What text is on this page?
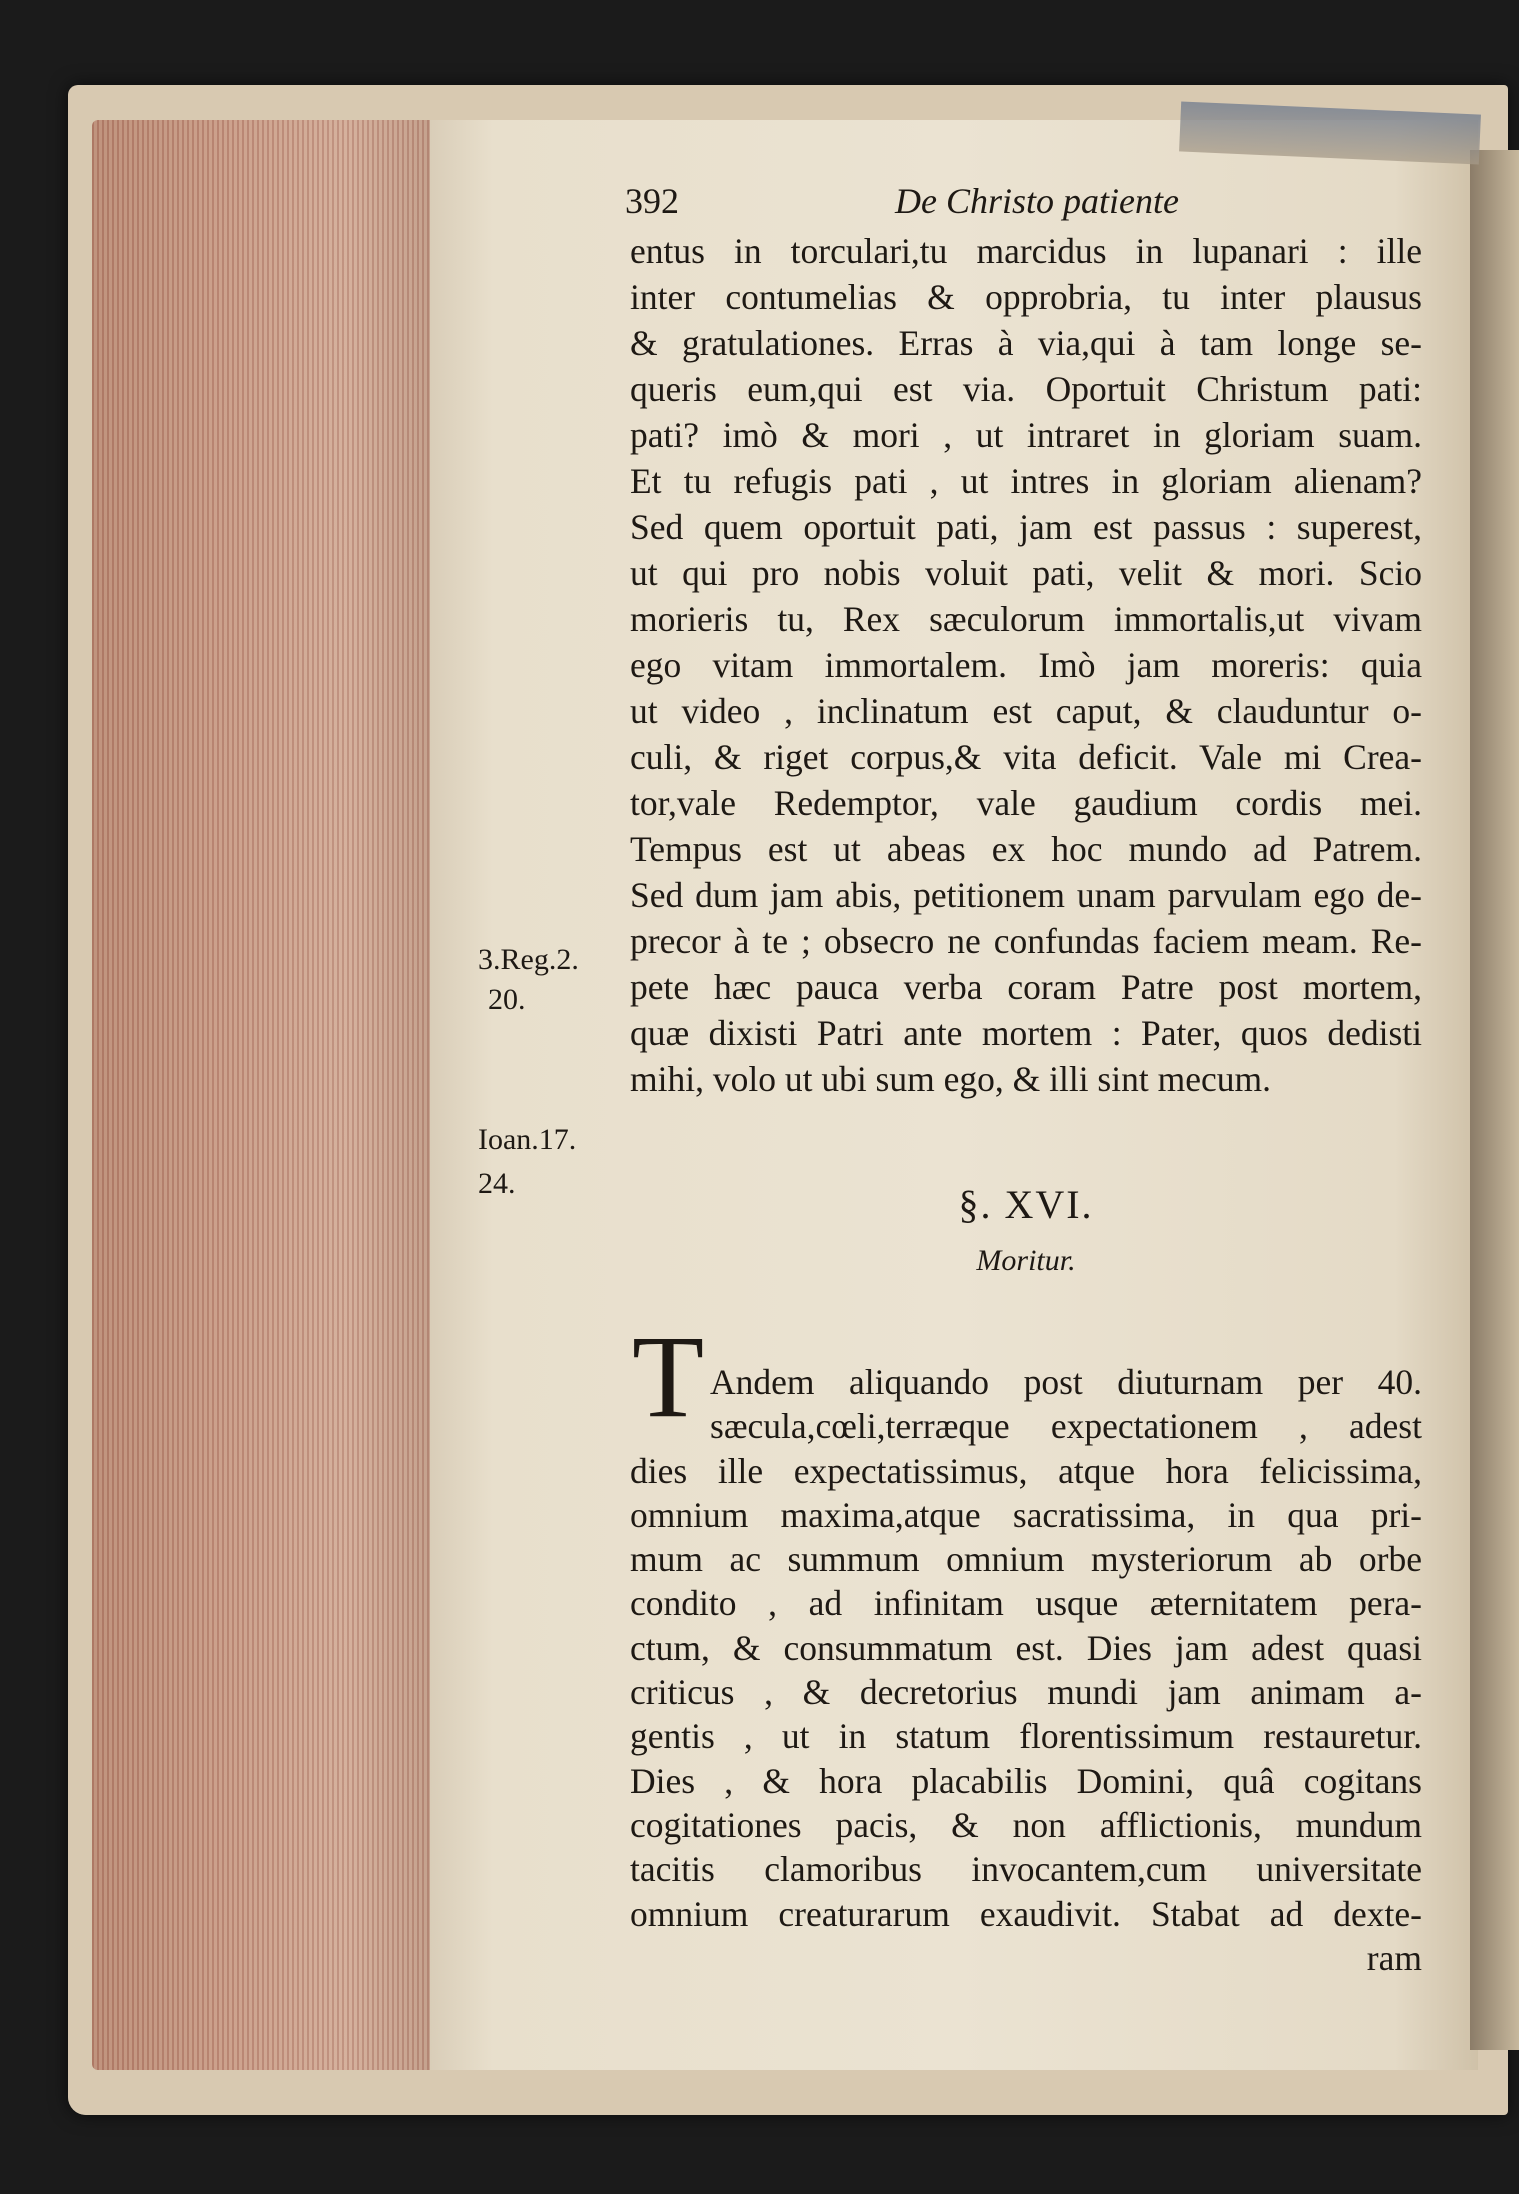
392	De Christo patiente
entus in torculari,tu marcidus in lupanari : ille
inter contumelias & opprobria, tu inter plausus
& gratulationes. Erras à via,qui à tam longe se-
queris eum,qui est via. Oportuit Christum pati:
pati? imò & mori , ut intraret in gloriam suam.
Et tu refugis pati , ut intres in gloriam alienam?
Sed quem oportuit pati, jam est passus : superest,
ut qui pro nobis voluit pati, velit & mori. Scio
morieris tu, Rex sæculorum immortalis,ut vivam
ego vitam immortalem. Imò jam moreris: quia
ut video , inclinatum est caput, & clauduntur o-
culi, & riget corpus,& vita deficit. Vale mi Crea-
tor,vale Redemptor, vale gaudium cordis mei.
Tempus est ut abeas ex hoc mundo ad Patrem.
Sed dum jam abis, petitionem unam parvulam ego de-
precor à te ; obsecro ne confundas faciem meam. Re-
pete hæc pauca verba coram Patre post mortem,
quæ dixisti Patri ante mortem : Pater, quos dedisti
mihi, volo ut ubi sum ego, & illi sint mecum.
3.Reg.2.
20.
Ioan.17.
24.	§. XVI.
Moritur.
T Andem aliquando post diuturnam per 40.
sæcula,cœli,terræque expectationem , adest
dies ille expectatissimus, atque hora felicissima,
omnium maxima,atque sacratissima, in qua pri-
mum ac summum omnium mysteriorum ab orbe
condito , ad infinitam usque æternitatem pera-
ctum, & consummatum est. Dies jam adest quasi
criticus , & decretorius mundi jam animam a-
gentis , ut in statum florentissimum restauretur.
Dies , & hora placabilis Domini, quâ cogitans
cogitationes pacis, & non afflictionis, mundum
tacitis clamoribus invocantem,cum universitate
omnium creaturarum exaudivit. Stabat ad dexte-
ram
